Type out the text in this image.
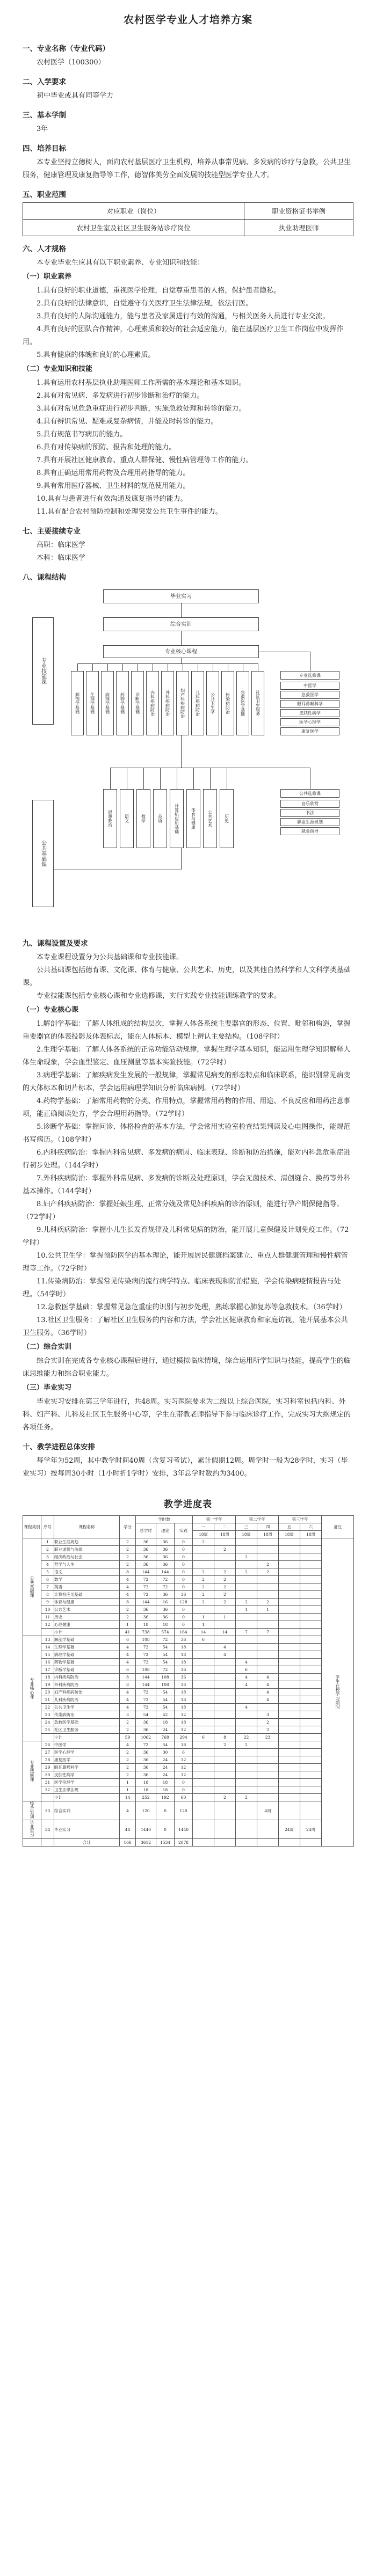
农村医学专业人才培养方案
一、专业名称（专业代码）

农村医学（100300）

二、入学要求

初中毕业或具有同等学力

三、基本学制

3年

四、培养目标

本专业坚持立德树人，面向农村基层医疗卫生机构，培养从事常见病、多发病的诊疗与急救，公共卫生服务，健康管理及康复指导等工作，德智体美劳全面发展的技能型医学专业人才。

五、职业范围
对应职业（岗位）	职业资格证书举例
农村卫生室及社区卫生服务站诊疗岗位	执业助理医师
六、人才规格

本专业毕业生应具有以下职业素养、专业知识和技能：

（一）职业素养

1.具有良好的职业道德，重视医学伦理，自觉尊重患者的人格，保护患者隐私。

2.具有良好的法律意识，自觉遵守有关医疗卫生法律法规，依法行医。

3.具有良好的人际沟通能力，能与患者及家属进行有效的沟通，与相关医务人员进行专业交流。

4.具有良好的团队合作精神，心理素质和较好的社会适应能力，能在基层医疗卫生工作岗位中发挥作用。

5.具有健康的体魄和良好的心理素质。

（二）专业知识和技能

1.具有运用农村基层执业助理医师工作所需的基本理论和基本知识。

2.具有对常见病、多发病进行初步诊断和治疗的能力。

3.具有对常见危急重症进行初步判断，实施急救处理和转诊的能力。

4.具有辨识常见、疑难或复杂病情，并能及时转诊的能力。

5.具有规范书写病历的能力。

6.具有对传染病的预防、报告和处理的能力。

7.具有开展社区健康教育、重点人群保健、慢性病管理等工作的能力。

8.具有正确运用常用药物及合理用药指导的能力。

9.具有常用医疗器械、卫生材料的规范使用能力。

10.具有与患者进行有效沟通及康复指导的能力。

11.具有配合农村预防控制和处理突发公共卫生事件的能力。

七、主要接续专业

高职：临床医学

本科：临床医学

八、课程结构
毕业实习
综合实训
专业核心课程
专业技能课
公共基础课
解剖学基础	生理学基础	病理学基础	药物学基础	诊断学基础	内科疾病防治	外科疾病防治	妇产科疾病防治	儿科疾病防治	公共卫生学	传染病防治	急救医学基础	社区卫生服务
专业选修课
中医学
急救医学
眼耳鼻喉科学
皮肤性病学
医学心理学
康复医学
思想政治	语文	数学	英语	计算机应用基础	体育与健康	公共艺术	历史
公共选修课
音乐欣赏
书法
职业生涯规划
就业指导
九、课程设置及要求

本专业课程设置分为公共基础课和专业技能课。

公共基础课包括德育课、文化课、体育与健康、公共艺术、历史，以及其他自然科学和人文科学类基础课。

专业技能课包括专业核心课和专业选修课，实行实践专业技能训练教学的要求。

（一）专业核心课

1.解剖学基础：了解人体组成的结构层次，掌握人体各系统主要器官的形态、位置、毗邻和构造，掌握重要器官的体表投影及体表标志，能在人体标本、模型上辨认主要结构。（108学时）

2.生理学基础：了解人体各系统的正常功能活动规律，掌握生理学基本知识，能运用生理学知识解释人体生命现象，学会血型鉴定、血压测量等基本实验技能。（72学时）

3.病理学基础：了解疾病发生发展的一般规律，掌握常见病变的形态特点和临床联系，能识别常见病变的大体标本和切片标本，学会运用病理学知识分析临床病例。（72学时）

4.药物学基础：了解常用药物的分类、作用特点，掌握常用药物的作用、用途、不良反应和用药注意事项，能正确阅读处方，学会合理用药指导。（72学时）

5.诊断学基础：掌握问诊、体格检查的基本方法，学会常用实验室检查结果判读及心电图操作，能规范书写病历。（108学时）

6.内科疾病防治：掌握内科常见病、多发病的病因、临床表现、诊断和防治措施，能对内科急危重症进行初步处理。（144学时）

7.外科疾病防治：掌握外科常见病、多发病的诊断及处理原则，学会无菌技术、清创缝合、换药等外科基本操作。（144学时）

8.妇产科疾病防治：掌握妊娠生理、正常分娩及常见妇科疾病的诊治原则，能进行孕产期保健指导。（72学时）

9.儿科疾病防治：掌握小儿生长发育规律及儿科常见病的防治，能开展儿童保健及计划免疫工作。（72学时）

10.公共卫生学：掌握预防医学的基本理论，能开展居民健康档案建立、重点人群健康管理和慢性病管理等工作。（72学时）

11.传染病防治：掌握常见传染病的流行病学特点、临床表现和防治措施，学会传染病疫情报告与处理。（54学时）

12.急救医学基础：掌握常见急危重症的识别与初步处理，熟练掌握心肺复苏等急救技术。（36学时）

13.社区卫生服务：了解社区卫生服务的内容和方法，学会社区健康教育和家庭访视，能开展基本公共卫生服务。（36学时）

（二）综合实训

综合实训在完成各专业核心课程后进行，通过模拟临床情境，综合运用所学知识与技能，提高学生的临床思维能力和综合职业能力。

（三）毕业实习

毕业实习安排在第三学年进行，共48周。实习医院要求为二级以上综合医院，实习科室包括内科、外科、妇产科、儿科及社区卫生服务中心等，学生在带教老师指导下参与临床诊疗工作，完成实习大纲规定的各项任务。

十、教学进程总体安排

每学年为52周，其中教学时间40周（含复习考试），累计假期12周。周学时一般为28学时，实习（毕业实习）按每周30小时（1小时折1学时）安排，3年总学时数约为3400。

教学进度表
课程类别	序号	课程名称	学分	学时数			第一学年		第二学年		第三学年		备注
				总学时	理论	实践	一	二	三	四	五	六	
							18周	18周	18周	18周	18周	18周	
公共基础课	1	职业生涯规划	2	36	36	0	2						学生在校学习期间
	2	职业道德与法律	2	36	36	0		2					
	3	经济政治与社会	2	36	36	0			2				
	4	哲学与人生	2	36	36	0				2			
	5	语文	8	144	144	0	2	2	2	2			
	6	数学	4	72	72	0	2	2					
	7	英语	4	72	72	0	2	2					
	8	计算机应用基础	4	72	36	36	2	2					
	9	体育与健康	8	144	16	128	2	2	2	2			
	10	公共艺术	2	36	36	0			1	1			
	11	历史	2	36	36	0	1	1					
	12	心理健康	1	18	18	0	1						
		小计	41	738	574	164	14	14	7	7			
专业核心课	13	解剖学基础	6	108	72	36	6						
	14	生理学基础	4	72	54	18		4					
	15	病理学基础	4	72	54	18		4					
	16	药物学基础	4	72	54	18			4				
	17	诊断学基础	6	108	72	36			6				
	18	内科疾病防治	8	144	108	36			4	4			
	19	外科疾病防治	8	144	108	36			4	4			
	20	妇产科疾病防治	4	72	54	18				4			
	21	儿科疾病防治	4	72	54	18				4			
	22	公共卫生学	4	72	54	18			4				
	23	传染病防治	3	54	42	12				3			
	24	急救医学基础	2	36	18	18				2			
	25	社区卫生服务	2	36	24	12				2			
		小计	59	1062	768	294	6	8	22	23			
专业选修课	26	中医学	4	72	54	18		2	2				
	27	医学心理学	2	36	30	6							
	28	康复医学	2	36	24	12							
	29	眼耳鼻喉科学	2	36	24	12							
	30	皮肤性病学	2	36	24	12							
	31	医学伦理学	1	18	18	0							
	32	卫生法律法规	1	18	18	0							
		小计	14	252	192	60		2	2				
综合实训	33	综合实训	4	120	0	120				4周			
毕业实习	34	毕业实习	48	1440	0	1440					24周	24周	
		合计	166	3612	1534	2078							
